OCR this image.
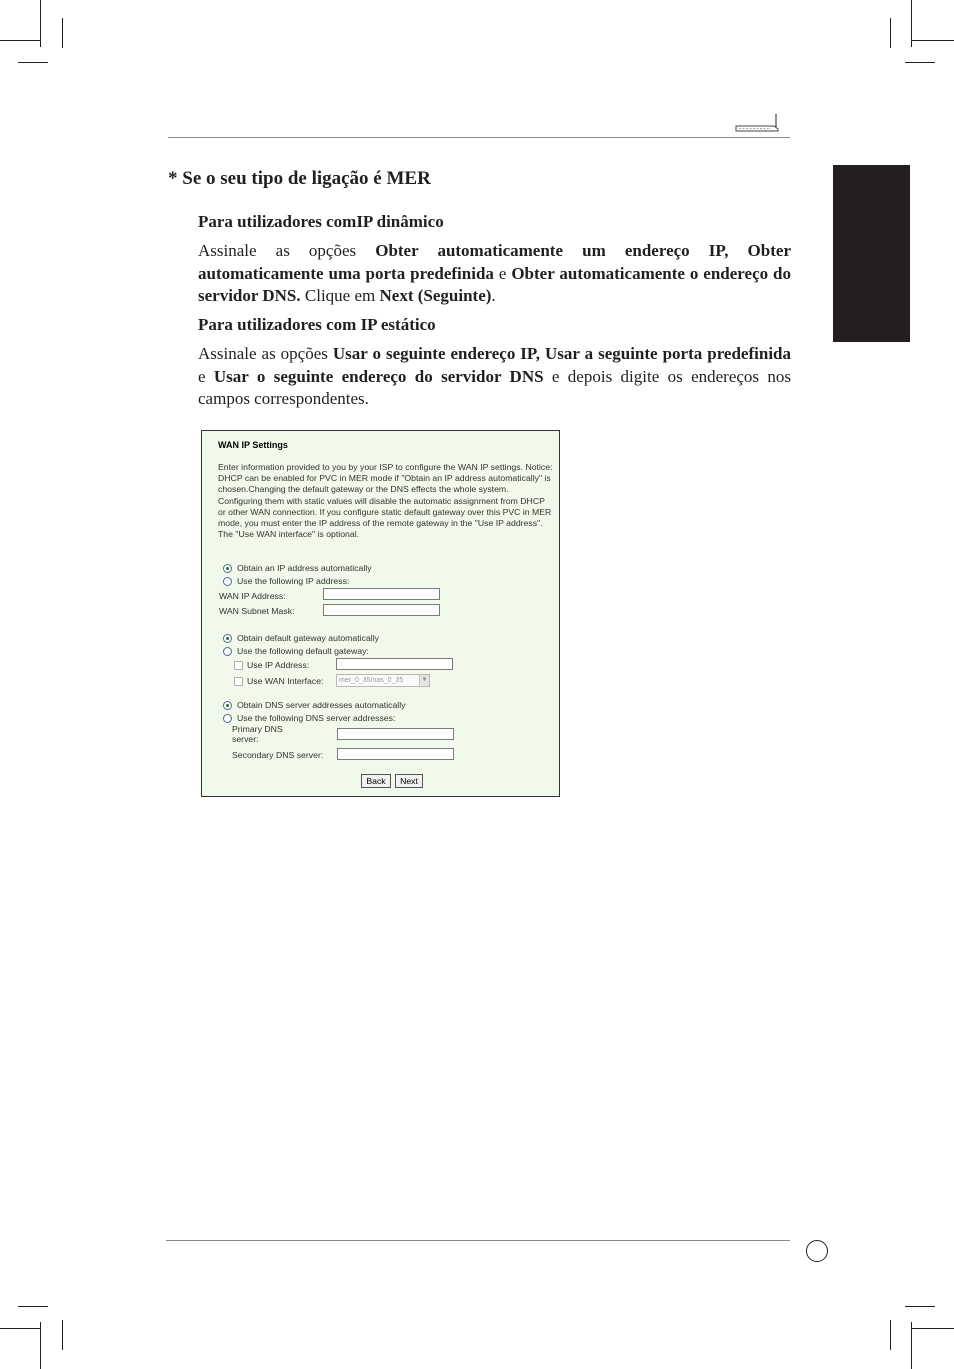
* Se o seu tipo de ligação é MER
Para utilizadores comIP dinâmico
Assinale as opções Obter automaticamente um endereço IP, Obter automaticamente uma porta predefinida e Obter automaticamente o endereço do servidor DNS. Clique em Next (Seguinte).
Para utilizadores com IP estático
Assinale as opções Usar o seguinte endereço IP, Usar a seguinte porta predefinida e Usar o seguinte endereço do servidor DNS e depois digite os endereços nos campos correspondentes.
WAN IP Settings
Enter information provided to you by your ISP to configure the WAN IP settings. Notice: DHCP can be enabled for PVC in MER mode if "Obtain an IP address automatically" is chosen.Changing the default gateway or the DNS effects the whole system. Configuring them with static values will disable the automatic assignment from DHCP or other WAN connection. If you configure static default gateway over this PVC in MER mode, you must enter the IP address of the remote gateway in the "Use IP address". The "Use WAN interface" is optional.
Obtain an IP address automatically
Use the following IP address:
WAN IP Address:
WAN Subnet Mask:
Obtain default gateway automatically
Use the following default gateway:
Use IP Address:
Use WAN Interface:	mer_0_35/nas_0_35	▼
Obtain DNS server addresses automatically
Use the following DNS server addresses:
Primary DNS
server:
Secondary DNS server:
Back	Next
